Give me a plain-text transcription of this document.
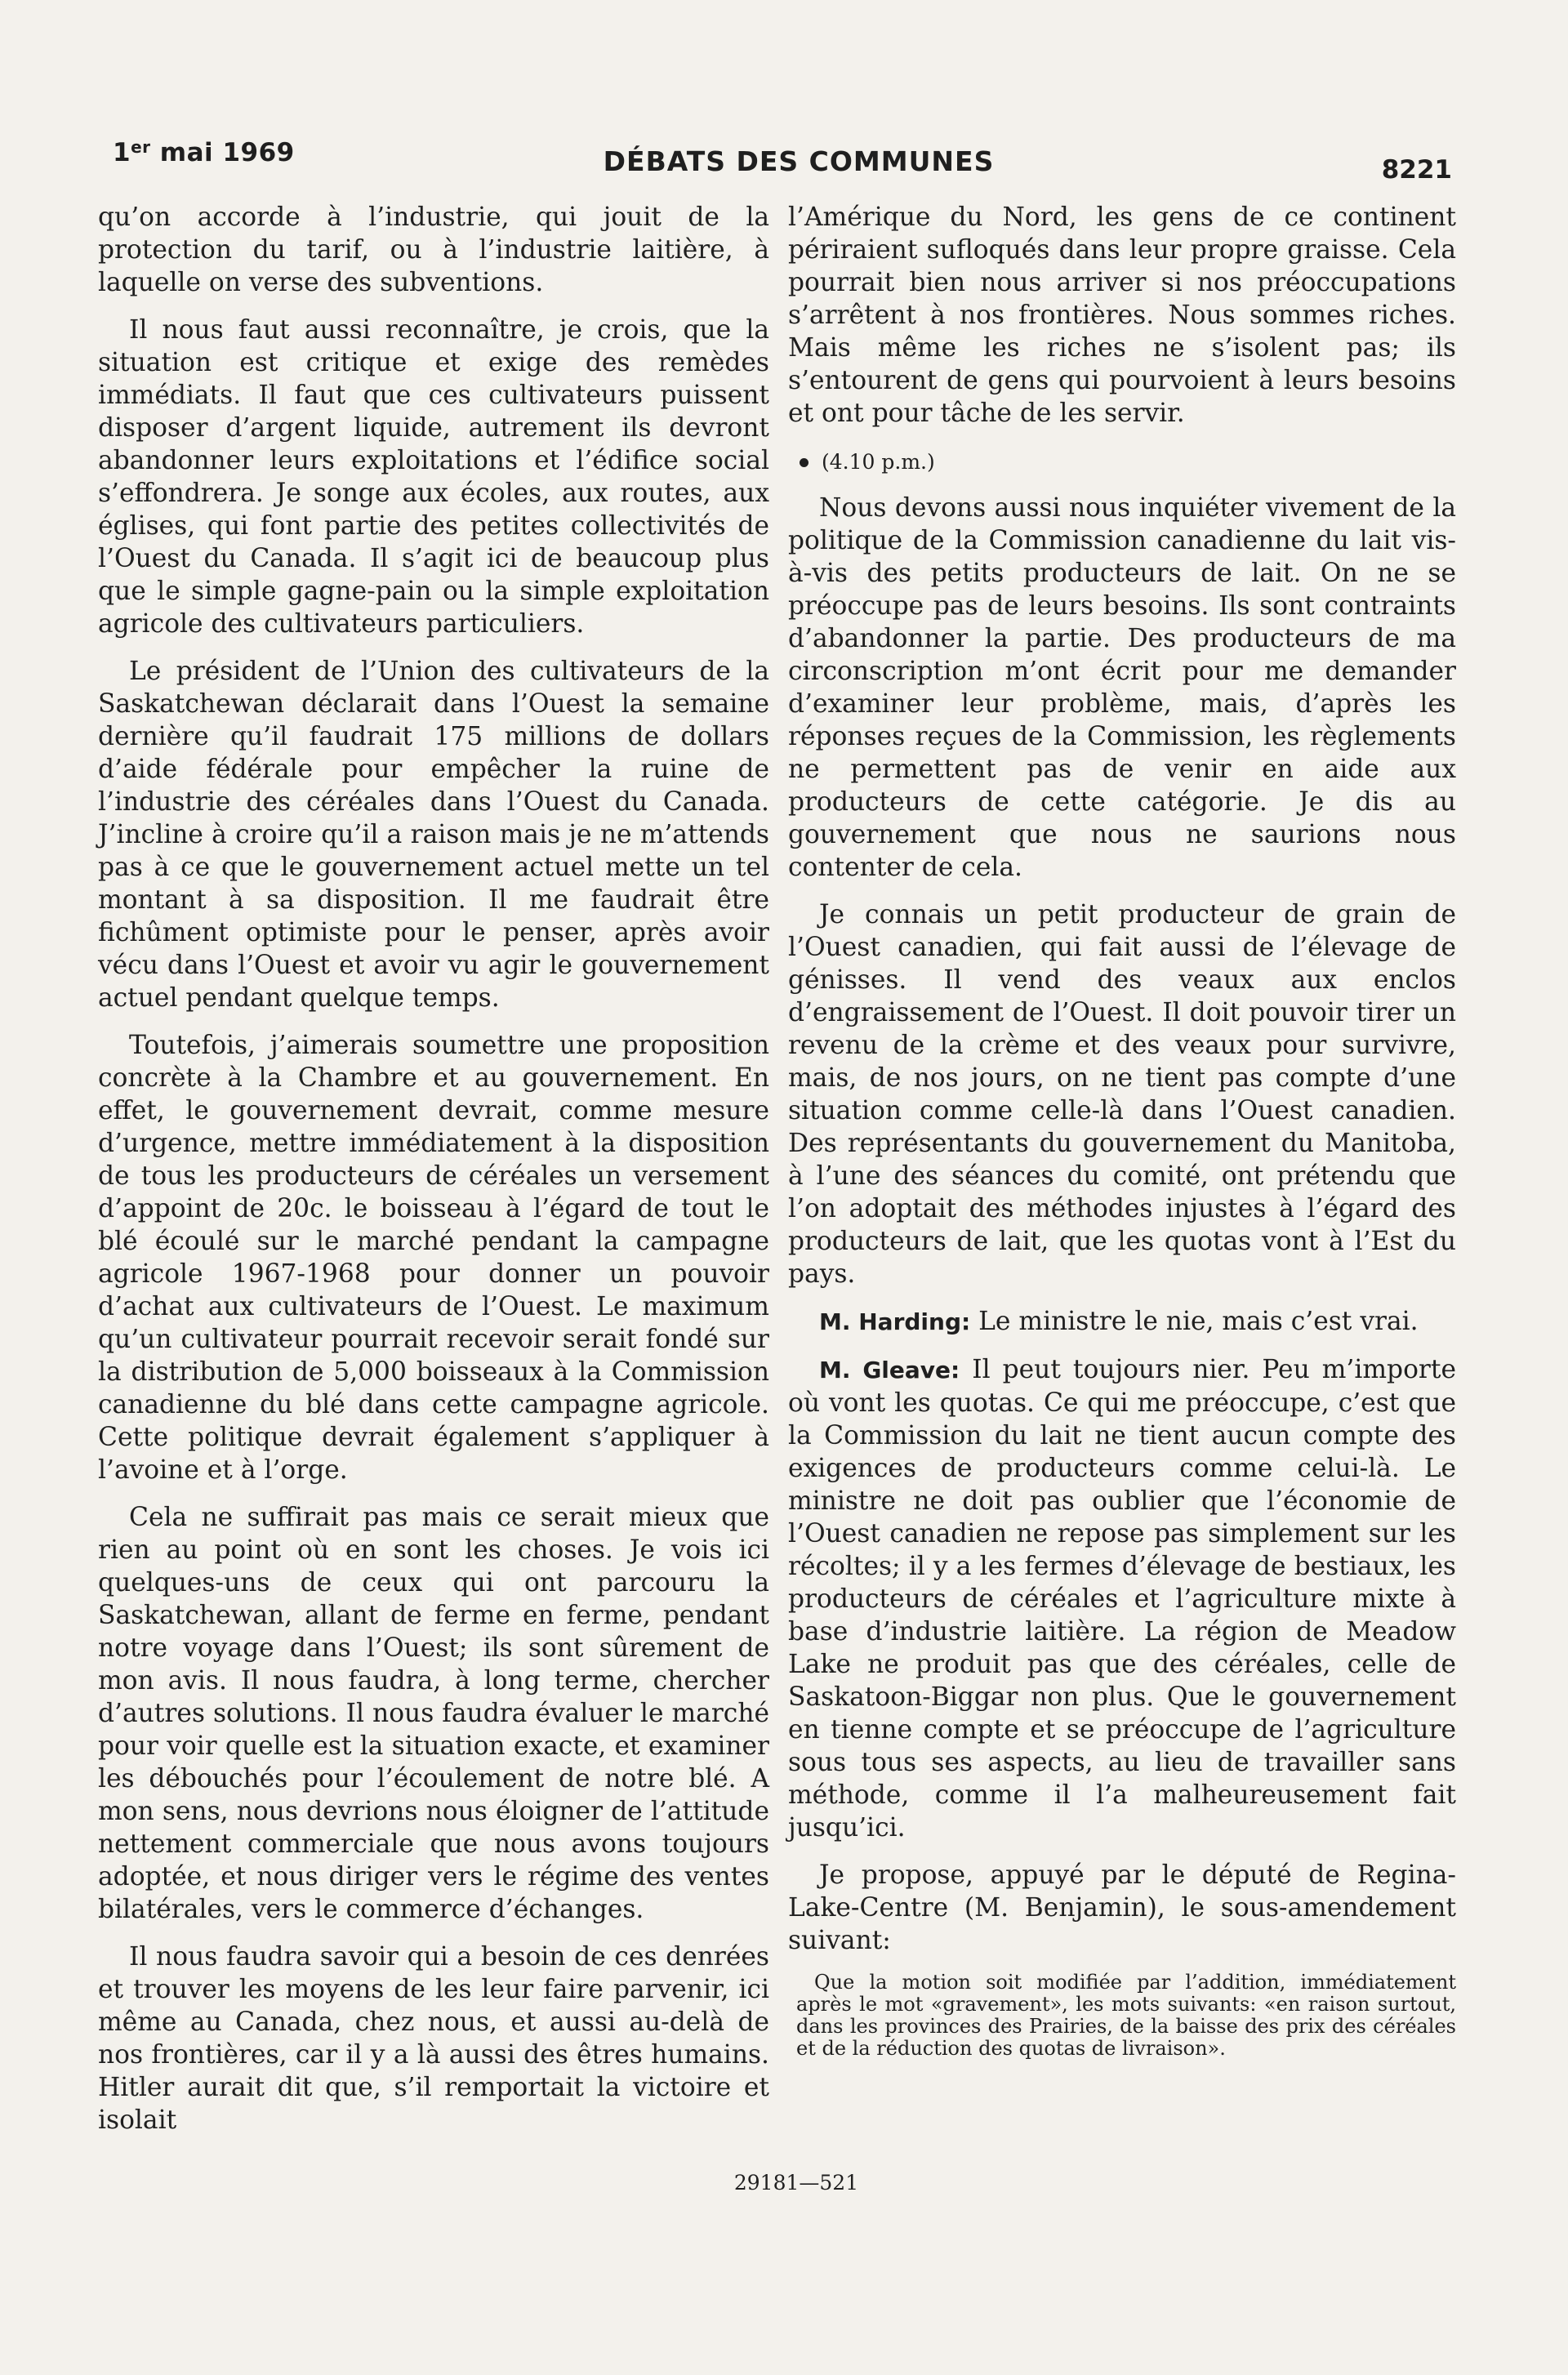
1er mai 1969	DÉBATS DES COMMUNES	8221

qu’on accorde à l’industrie, qui jouit de la protection du tarif, ou à l’industrie laitière, à laquelle on verse des subventions.

Il nous faut aussi reconnaître, je crois, que la situation est critique et exige des remèdes immédiats. Il faut que ces cultivateurs puissent disposer d’argent liquide, autrement ils devront abandonner leurs exploitations et l’édifice social s’effondrera. Je songe aux écoles, aux routes, aux églises, qui font partie des petites collectivités de l’Ouest du Canada. Il s’agit ici de beaucoup plus que le simple gagne-pain ou la simple exploitation agricole des cultivateurs particuliers.

Le président de l’Union des cultivateurs de la Saskatchewan déclarait dans l’Ouest la semaine dernière qu’il faudrait 175 millions de dollars d’aide fédérale pour empêcher la ruine de l’industrie des céréales dans l’Ouest du Canada. J’incline à croire qu’il a raison mais je ne m’attends pas à ce que le gouvernement actuel mette un tel montant à sa disposition. Il me faudrait être fichûment optimiste pour le penser, après avoir vécu dans l’Ouest et avoir vu agir le gouvernement actuel pendant quelque temps.

Toutefois, j’aimerais soumettre une proposition concrète à la Chambre et au gouvernement. En effet, le gouvernement devrait, comme mesure d’urgence, mettre immédiatement à la disposition de tous les producteurs de céréales un versement d’appoint de 20c. le boisseau à l’égard de tout le blé écoulé sur le marché pendant la campagne agricole 1967-1968 pour donner un pouvoir d’achat aux cultivateurs de l’Ouest. Le maximum qu’un cultivateur pourrait recevoir serait fondé sur la distribution de 5,000 boisseaux à la Commission canadienne du blé dans cette campagne agricole. Cette politique devrait également s’appliquer à l’avoine et à l’orge.

Cela ne suffirait pas mais ce serait mieux que rien au point où en sont les choses. Je vois ici quelques-uns de ceux qui ont parcouru la Saskatchewan, allant de ferme en ferme, pendant notre voyage dans l’Ouest; ils sont sûrement de mon avis. Il nous faudra, à long terme, chercher d’autres solutions. Il nous faudra évaluer le marché pour voir quelle est la situation exacte, et examiner les débouchés pour l’écoulement de notre blé. A mon sens, nous devrions nous éloigner de l’attitude nettement commerciale que nous avons toujours adoptée, et nous diriger vers le régime des ventes bilatérales, vers le commerce d’échanges.

Il nous faudra savoir qui a besoin de ces denrées et trouver les moyens de les leur faire parvenir, ici même au Canada, chez nous, et aussi au-delà de nos frontières, car il y a là aussi des êtres humains. Hitler aurait dit que, s’il remportait la victoire et isolait

l’Amérique du Nord, les gens de ce continent périraient sufloqués dans leur propre graisse. Cela pourrait bien nous arriver si nos préoccupations s’arrêtent à nos frontières. Nous sommes riches. Mais même les riches ne s’isolent pas; ils s’entourent de gens qui pourvoient à leurs besoins et ont pour tâche de les servir.

(4.10 p.m.)

Nous devons aussi nous inquiéter vivement de la politique de la Commission canadienne du lait vis-à-vis des petits producteurs de lait. On ne se préoccupe pas de leurs besoins. Ils sont contraints d’abandonner la partie. Des producteurs de ma circonscription m’ont écrit pour me demander d’examiner leur problème, mais, d’après les réponses reçues de la Commission, les règlements ne permettent pas de venir en aide aux producteurs de cette catégorie. Je dis au gouvernement que nous ne saurions nous contenter de cela.

Je connais un petit producteur de grain de l’Ouest canadien, qui fait aussi de l’élevage de génisses. Il vend des veaux aux enclos d’engraissement de l’Ouest. Il doit pouvoir tirer un revenu de la crème et des veaux pour survivre, mais, de nos jours, on ne tient pas compte d’une situation comme celle-là dans l’Ouest canadien. Des représentants du gouvernement du Manitoba, à l’une des séances du comité, ont prétendu que l’on adoptait des méthodes injustes à l’égard des producteurs de lait, que les quotas vont à l’Est du pays.

M. Harding: Le ministre le nie, mais c’est vrai.

M. Gleave: Il peut toujours nier. Peu m’importe où vont les quotas. Ce qui me préoccupe, c’est que la Commission du lait ne tient aucun compte des exigences de producteurs comme celui-là. Le ministre ne doit pas oublier que l’économie de l’Ouest canadien ne repose pas simplement sur les récoltes; il y a les fermes d’élevage de bestiaux, les producteurs de céréales et l’agriculture mixte à base d’industrie laitière. La région de Meadow Lake ne produit pas que des céréales, celle de Saskatoon-Biggar non plus. Que le gouvernement en tienne compte et se préoccupe de l’agriculture sous tous ses aspects, au lieu de travailler sans méthode, comme il l’a malheureusement fait jusqu’ici.

Je propose, appuyé par le député de Regina-Lake-Centre (M. Benjamin), le sous-amendement suivant:

Que la motion soit modifiée par l’addition, immédiatement après le mot «gravement», les mots suivants: «en raison surtout, dans les provinces des Prairies, de la baisse des prix des céréales et de la réduction des quotas de livraison».

29181—521
